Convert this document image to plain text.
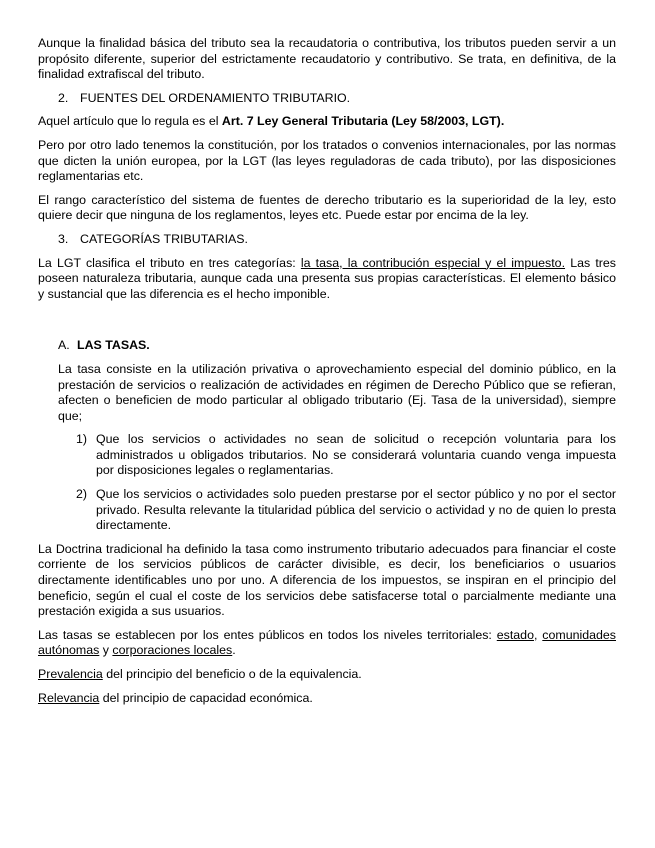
Aunque la finalidad básica del tributo sea la recaudatoria o contributiva, los tributos pueden servir a un propósito diferente, superior del estrictamente recaudatorio y contributivo. Se trata, en definitiva, de la finalidad extrafiscal del tributo.

2. FUENTES DEL ORDENAMIENTO TRIBUTARIO.

Aquel artículo que lo regula es el Art. 7 Ley General Tributaria (Ley 58/2003, LGT).

Pero por otro lado tenemos la constitución, por los tratados o convenios internacionales, por las normas que dicten la unión europea, por la LGT (las leyes reguladoras de cada tributo), por las disposiciones reglamentarias etc.

El rango característico del sistema de fuentes de derecho tributario es la superioridad de la ley, esto quiere decir que ninguna de los reglamentos, leyes etc. Puede estar por encima de la ley.

3. CATEGORÍAS TRIBUTARIAS.

La LGT clasifica el tributo en tres categorías: la tasa, la contribución especial y el impuesto. Las tres poseen naturaleza tributaria, aunque cada una presenta sus propias características. El elemento básico y sustancial que las diferencia es el hecho imponible.

A. LAS TASAS.

La tasa consiste en la utilización privativa o aprovechamiento especial del dominio público, en la prestación de servicios o realización de actividades en régimen de Derecho Público que se refieran, afecten o beneficien de modo particular al obligado tributario (Ej. Tasa de la universidad), siempre que;

1) Que los servicios o actividades no sean de solicitud o recepción voluntaria para los administrados u obligados tributarios. No se considerará voluntaria cuando venga impuesta por disposiciones legales o reglamentarias.

2) Que los servicios o actividades solo pueden prestarse por el sector público y no por el sector privado. Resulta relevante la titularidad pública del servicio o actividad y no de quien lo presta directamente.

La Doctrina tradicional ha definido la tasa como instrumento tributario adecuados para financiar el coste corriente de los servicios públicos de carácter divisible, es decir, los beneficiarios o usuarios directamente identificables uno por uno. A diferencia de los impuestos, se inspiran en el principio del beneficio, según el cual el coste de los servicios debe satisfacerse total o parcialmente mediante una prestación exigida a sus usuarios.

Las tasas se establecen por los entes públicos en todos los niveles territoriales: estado, comunidades autónomas y corporaciones locales.

Prevalencia del principio del beneficio o de la equivalencia.

Relevancia del principio de capacidad económica.
